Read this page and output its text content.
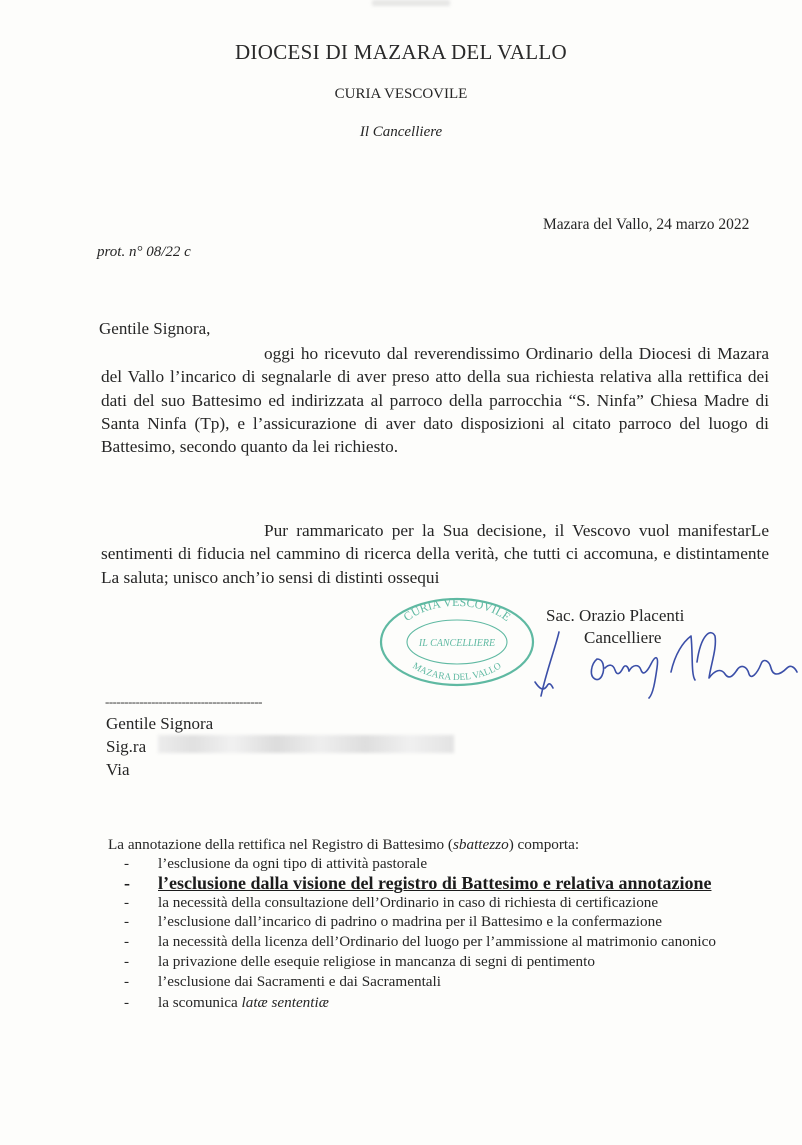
DIOCESI DI MAZARA DEL VALLO
CURIA VESCOVILE
Il Cancelliere
Mazara del Vallo, 24 marzo 2022
prot. n° 08/22 c
Gentile Signora,
oggi ho ricevuto dal reverendissimo Ordinario della Diocesi di Mazara del Vallo l’incarico di segnalarle di aver preso atto della sua richiesta relativa alla rettifica dei dati del suo Battesimo ed indirizzata al parroco della parrocchia “S. Ninfa” Chiesa Madre di Santa Ninfa (Tp), e l’assicurazione di aver dato disposizioni al citato parroco del luogo di Battesimo, secondo quanto da lei richiesto.
Pur rammaricato per la Sua decisione, il Vescovo vuol manifestarLe sentimenti di fiducia nel cammino di ricerca della verità, che tutti ci accomuna, e distintamente La saluta; unisco anch’io sensi di distinti ossequi
CURIA VESCOVILE
IL CANCELLIERE
MAZARA DEL VALLO
Sac. Orazio Placenti
Cancelliere
-----------------------------------------
Gentile Signora
Sig.ra
Via
La annotazione della rettifica nel Registro di Battesimo (sbattezzo) comporta:
- l’esclusione da ogni tipo di attività pastorale
- l’esclusione dalla visione del registro di Battesimo e relativa annotazione
- la necessità della consultazione dell’Ordinario in caso di richiesta di certificazione
- l’esclusione dall’incarico di padrino o madrina per il Battesimo e la confermazione
- la necessità della licenza dell’Ordinario del luogo per l’ammissione al matrimonio canonico
- la privazione delle esequie religiose in mancanza di segni di pentimento
- l’esclusione dai Sacramenti e dai Sacramentali
- la scomunica latæ sententiæ
